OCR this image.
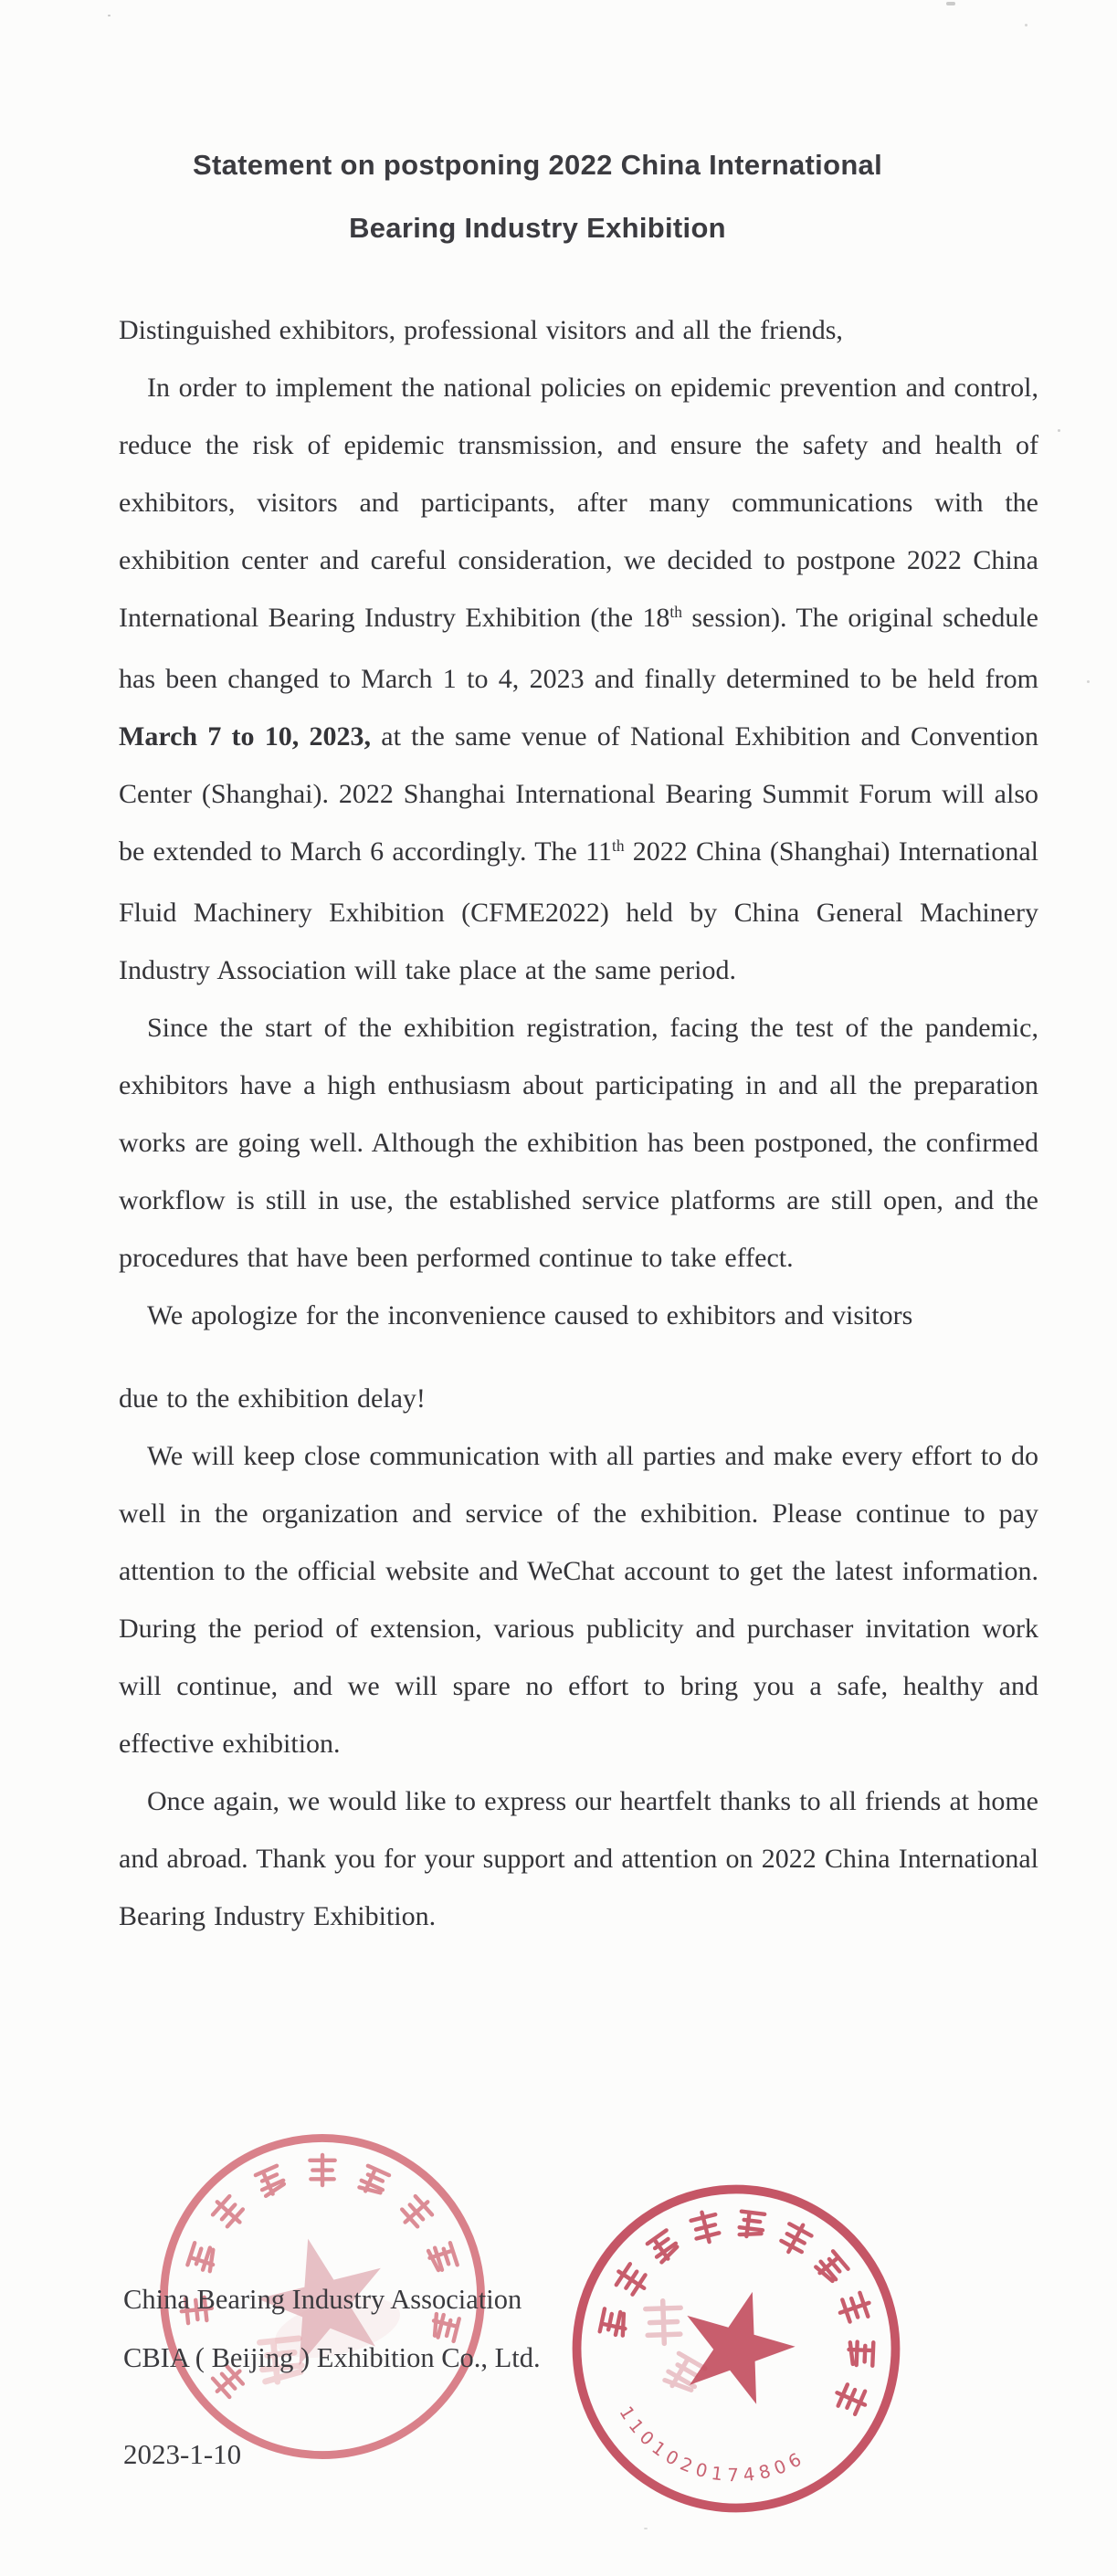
Statement on postponing 2022 China International
Bearing Industry Exhibition

Distinguished exhibitors, professional visitors and all the friends,

In order to implement the national policies on epidemic prevention and control, reduce the risk of epidemic transmission, and ensure the safety and health of exhibitors, visitors and participants, after many communications with the exhibition center and careful consideration, we decided to postpone 2022 China International Bearing Industry Exhibition (the 18th session). The original schedule has been changed to March 1 to 4, 2023 and finally determined to be held from March 7 to 10, 2023, at the same venue of National Exhibition and Convention Center (Shanghai). 2022 Shanghai International Bearing Summit Forum will also be extended to March 6 accordingly. The 11th 2022 China (Shanghai) International Fluid Machinery Exhibition (CFME2022) held by China General Machinery Industry Association will take place at the same period.

Since the start of the exhibition registration, facing the test of the pandemic, exhibitors have a high enthusiasm about participating in and all the preparation works are going well. Although the exhibition has been postponed, the confirmed workflow is still in use, the established service platforms are still open, and the procedures that have been performed continue to take effect.

We apologize for the inconvenience caused to exhibitors and visitors

due to the exhibition delay!

We will keep close communication with all parties and make every effort to do well in the organization and service of the exhibition. Please continue to pay attention to the official website and WeChat account to get the latest information. During the period of extension, various publicity and purchaser invitation work will continue, and we will spare no effort to bring you a safe, healthy and effective exhibition.

Once again, we would like to express our heartfelt thanks to all friends at home and abroad. Thank you for your support and attention on 2022 China International Bearing Industry Exhibition.

1101020174806
China Bearing Industry Association
CBIA ( Beijing ) Exhibition Co., Ltd.
2023-1-10
